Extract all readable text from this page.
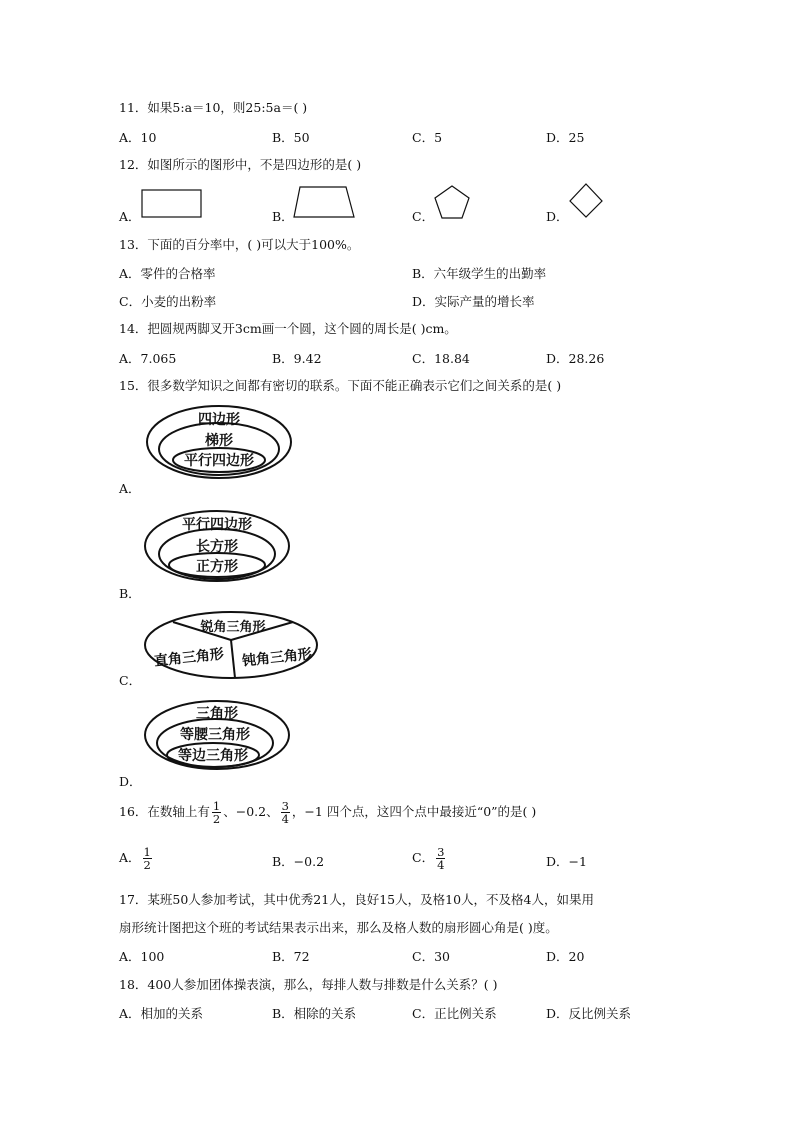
11．如果5:a＝10，则25:5a＝( )
A．10	B．50	C．5	D．25
12．如图所示的图形中，不是四边形的是( )
A．	B．	C．	D．
13．下面的百分率中，( )可以大于100%。
A．零件的合格率	B．六年级学生的出勤率
C．小麦的出粉率	D．实际产量的增长率
14．把圆规两脚叉开3cm画一个圆，这个圆的周长是( )cm。
A．7.065	B．9.42	C．18.84	D．28.26
15．很多数学知识之间都有密切的联系。下面不能正确表示它们之间关系的是( )
四边形
梯形
平行四边形
A．
平行四边形
长方形
正方形
B．
锐角三角形
直角三角形 钝角三角形
C．
三角形
等腰三角形
等边三角形
D．
16．在数轴上有 $\frac{1}{2}$ 、−0.2、 $\frac{3}{4}$ ，−1 四个点，这四个点中最接近“0”的是( )
A． $\frac{1}{2}$	B．−0.2	C． $\frac{3}{4}$	D．−1
17．某班50人参加考试，其中优秀21人，良好15人，及格10人，不及格4人，如果用
扇形统计图把这个班的考试结果表示出来，那么及格人数的扇形圆心角是( )度。
A．100	B．72	C．30	D．20
18．400人参加团体操表演，那么，每排人数与排数是什么关系？( )
A．相加的关系	B．相除的关系	C．正比例关系	D．反比例关系
